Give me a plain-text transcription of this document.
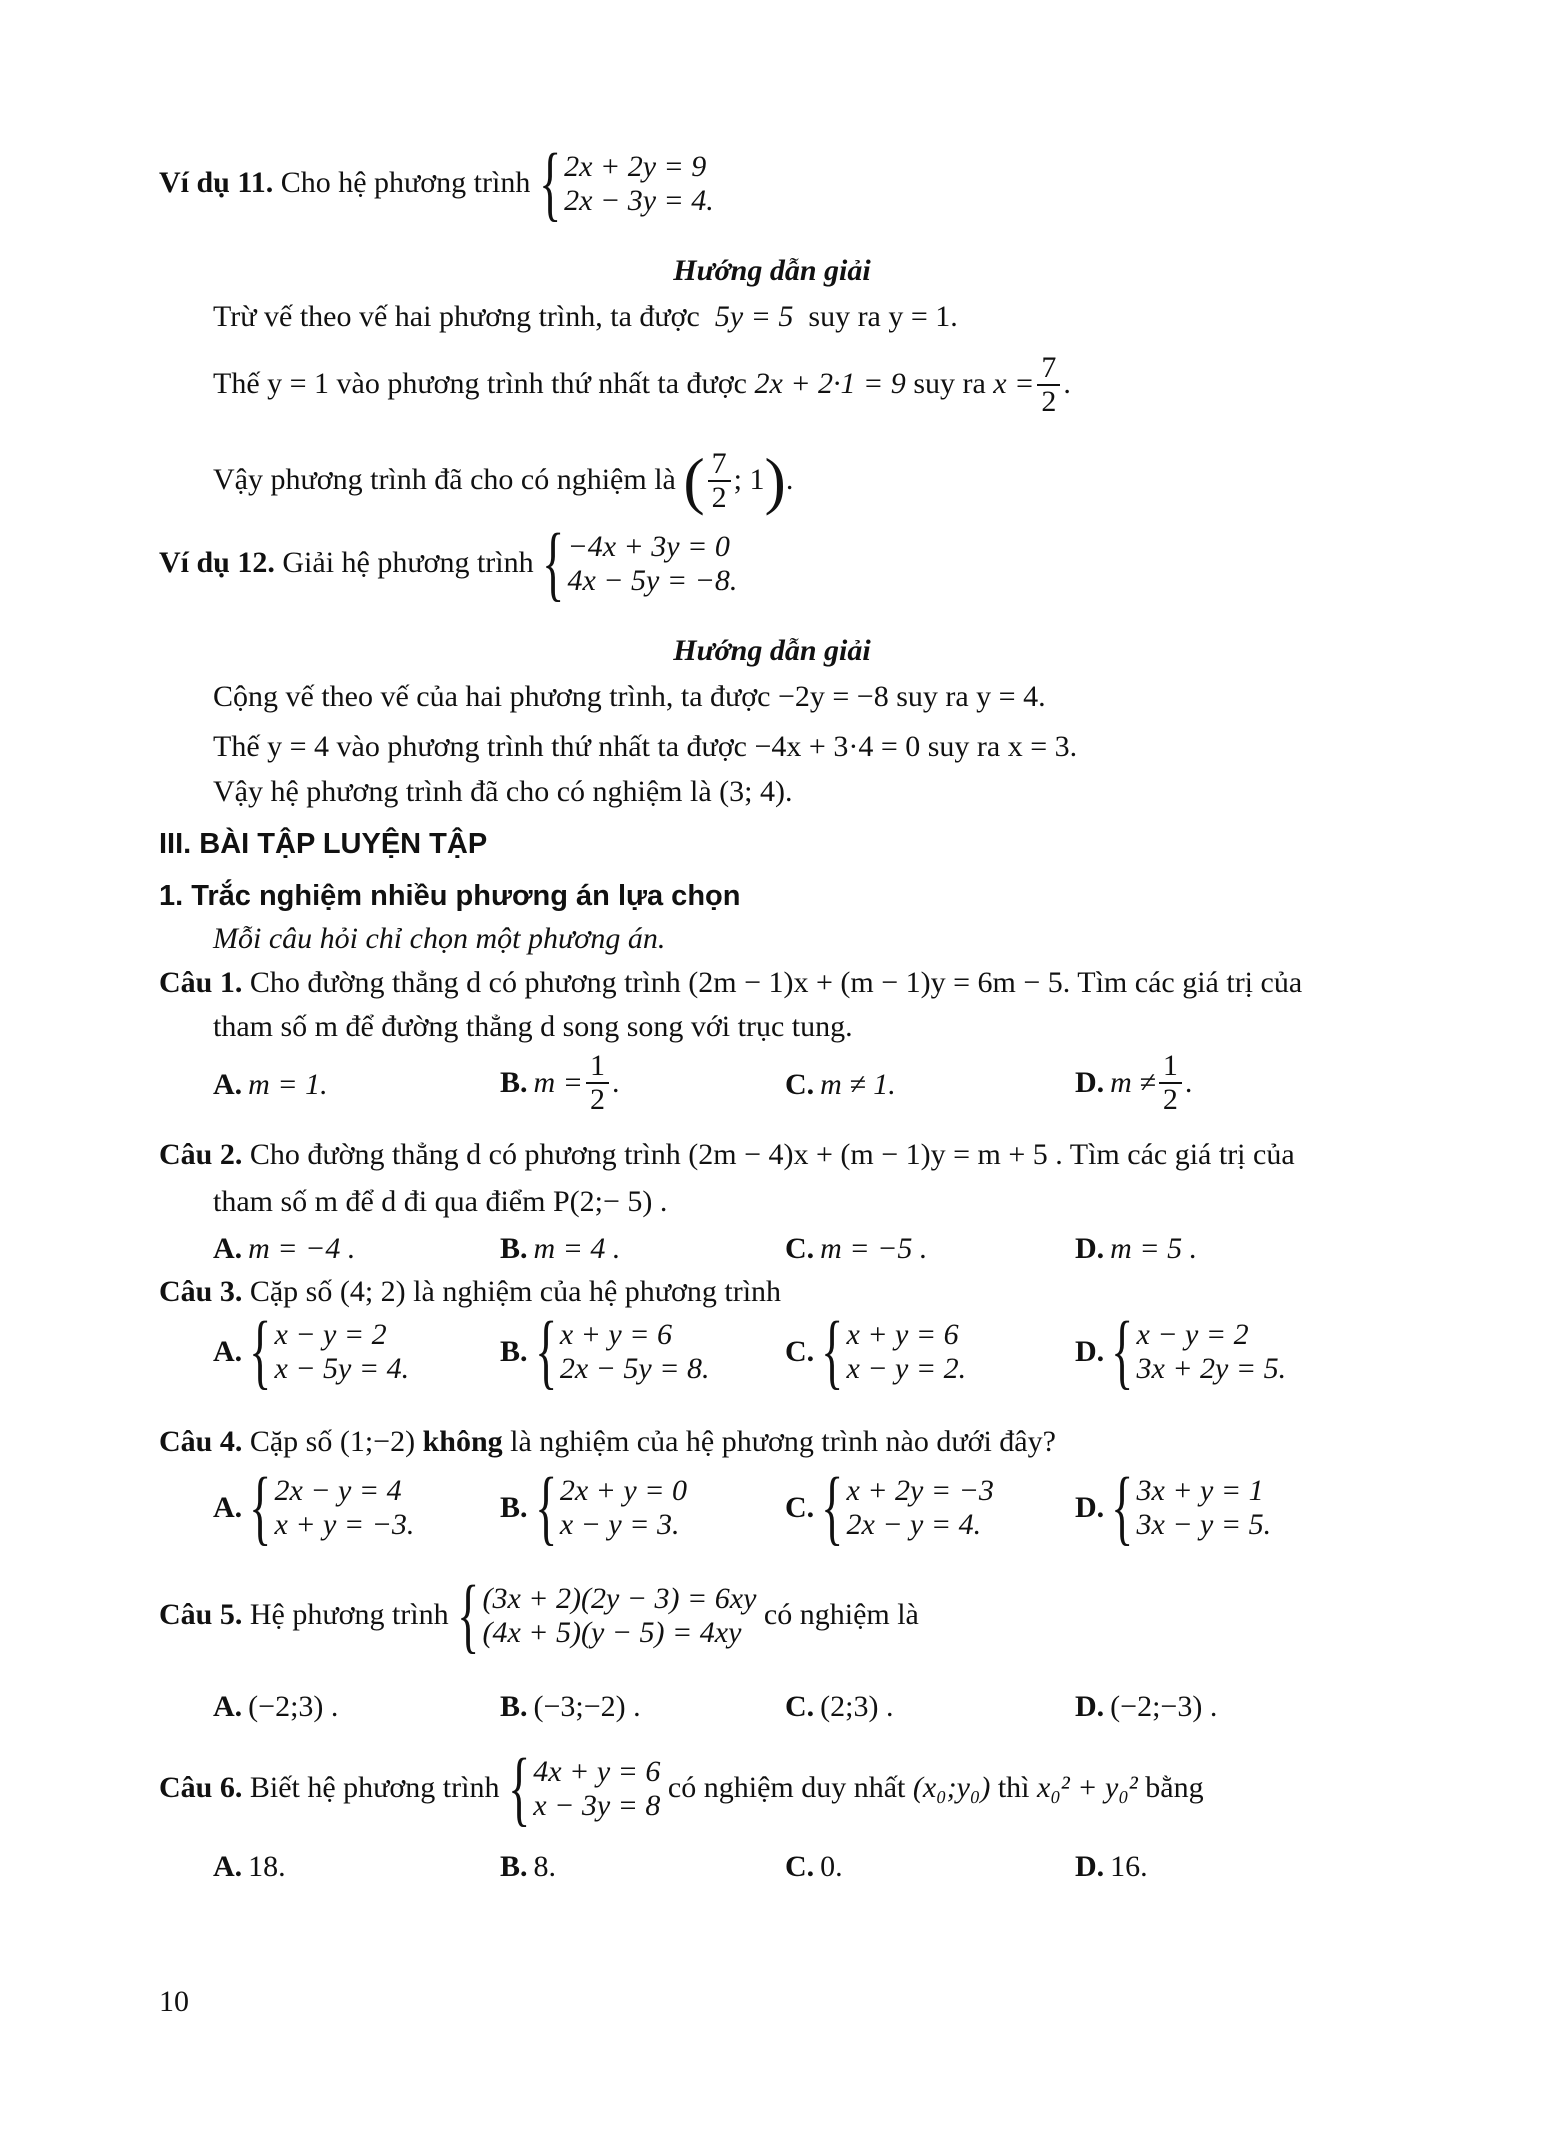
Ví dụ 11.
Cho hệ phương trình
{ 2x + 2y = 9
2x − 3y = 4.
Hướng dẫn giải
Trừ vế theo vế hai phương trình, ta được 5y = 5 suy ra y = 1.
Thế y = 1 vào phương trình thứ nhất ta được
2x + 2·1 = 9
suy ra
$x = \frac{7}{2}$ .
Vậy phương trình đã cho có nghiệm là
( $\frac{7}{2}$ ; 1 ) .
Ví dụ 12.
Giải hệ phương trình
{ −4x + 3y = 0
4x − 5y = −8.
Hướng dẫn giải
Cộng vế theo vế của hai phương trình, ta được −2y = −8 suy ra y = 4.
Thế y = 4 vào phương trình thứ nhất ta được −4x + 3·4 = 0 suy ra x = 3.
Vậy hệ phương trình đã cho có nghiệm là (3; 4).
III. BÀI TẬP LUYỆN TẬP
1. Trắc nghiệm nhiều phương án lựa chọn
Mỗi câu hỏi chỉ chọn một phương án.
Câu 1. Cho đường thẳng d có phương trình (2m − 1)x + (m − 1)y = 6m − 5. Tìm các giá trị của
tham số m để đường thẳng d song song với trục tung.
A. m = 1.	B. $m = \frac{1}{2}$ .	C. m ≠ 1.	D. $m \ne \frac{1}{2}$ .
Câu 2. Cho đường thẳng d có phương trình (2m − 4)x + (m − 1)y = m + 5 . Tìm các giá trị của
tham số m để d đi qua điểm P(2;− 5) .
A. m = −4 .	B. m = 4 .	C. m = −5 .	D. m = 5 .
Câu 3. Cặp số (4; 2) là nghiệm của hệ phương trình
A. { x − y = 2
x − 5y = 4.
B. { x + y = 6
2x − 5y = 8.
C. { x + y = 6
x − y = 2.
D. { x − y = 2
3x + 2y = 5.
Câu 4. Cặp số (1;−2) không là nghiệm của hệ phương trình nào dưới đây?
A. { 2x − y = 4
x + y = −3.
B. { 2x + y = 0
x − y = 3.
C. { x + 2y = −3
2x − y = 4.
D. { 3x + y = 1
3x − y = 5.
Câu 5.
Hệ phương trình
{ (3x + 2)(2y − 3) = 6xy
(4x + 5)(y − 5) = 4xy

có nghiệm là
A. (−2;3) .	B. (−3;−2) .	C. (2;3) .	D. (−2;−3) .
Câu 6.
Biết hệ phương trình
{ 4x + y = 6
x − 3y = 8

có nghiệm duy nhất
(x₀;y₀)
thì
x₀² + y₀²
bằng
A. 18.	B. 8.	C. 0.	D. 16.
10
